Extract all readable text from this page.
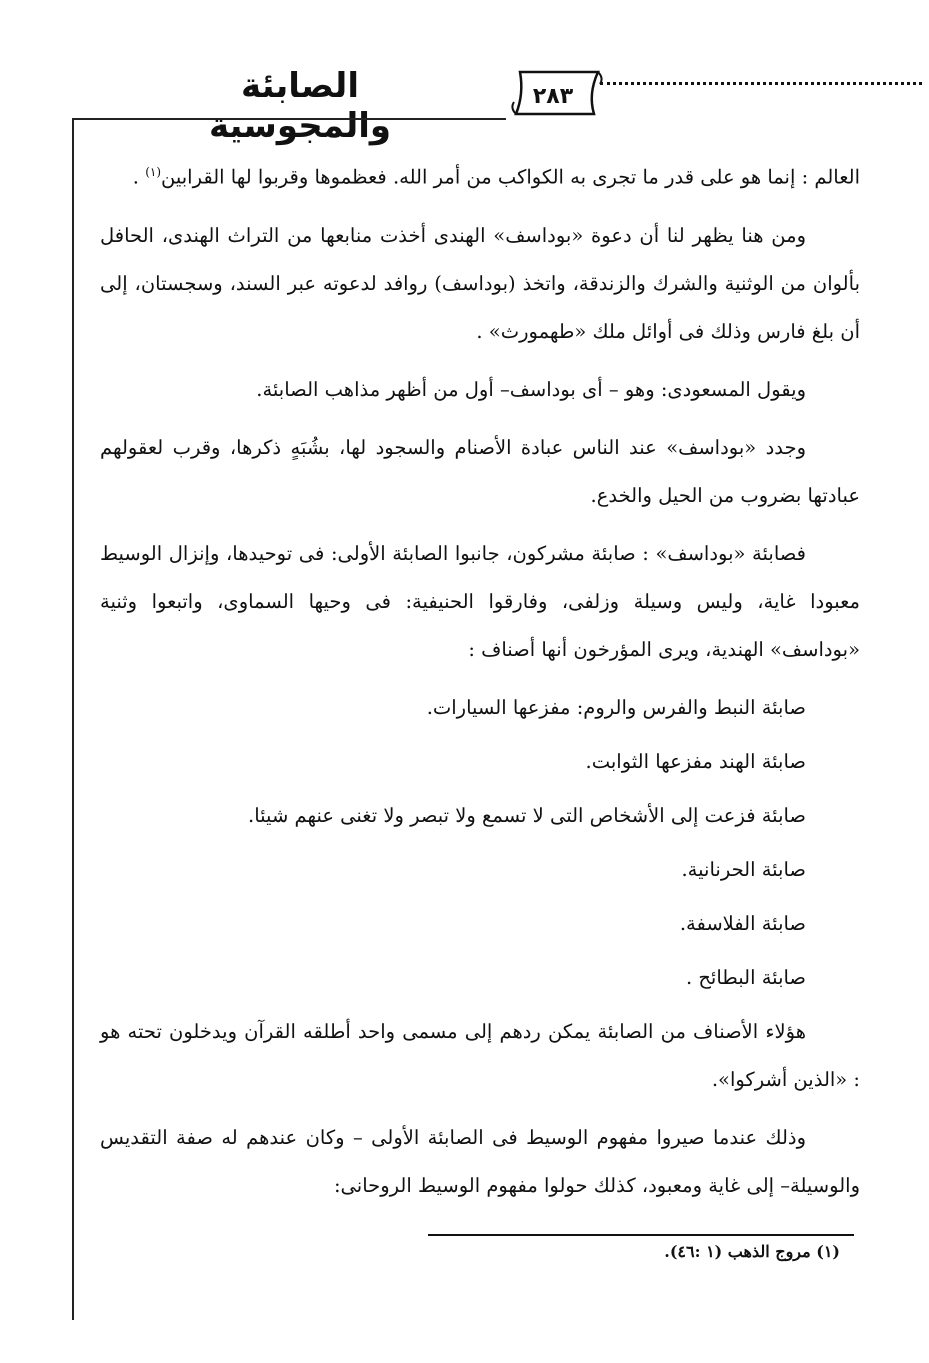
الصابئة والمجوسية
٢٨٣

العالم : إنما هو على قدر ما تجرى به الكواكب من أمر الله. فعظموها وقربوا لها القرابين$^{(١)}$ .

ومن هنا يظهر لنا أن دعوة «بوداسف» الهندى أخذت منابعها من التراث الهندى، الحافل بألوان من الوثنية والشرك والزندقة، واتخذ (بوداسف) روافد لدعوته عبر السند، وسجستان، إلى أن بلغ فارس وذلك فى أوائل ملك «طهمورث» .

ويقول المسعودى: وهو – أى بوداسف– أول من أظهر مذاهب الصابئة.

وجدد «بوداسف» عند الناس عبادة الأصنام والسجود لها، بشُبَهٍ ذكرها، وقرب لعقولهم عبادتها بضروب من الحيل والخدع.

فصابئة «بوداسف» : صابئة مشركون، جانبوا الصابئة الأولى: فى توحيدها، وإنزال الوسيط معبودا غاية، وليس وسيلة وزلفى، وفارقوا الحنيفية: فى وحيها السماوى، واتبعوا وثنية «بوداسف» الهندية، ويرى المؤرخون أنها أصناف :

صابئة النبط والفرس والروم: مفزعها السيارات.

صابئة الهند مفزعها الثوابت.

صابئة فزعت إلى الأشخاص التى لا تسمع ولا تبصر ولا تغنى عنهم شيئا.

صابئة الحرنانية.

صابئة الفلاسفة.

صابئة البطائح .

هؤلاء الأصناف من الصابئة يمكن ردهم إلى مسمى واحد أطلقه القرآن ويدخلون تحته هو : «الذين أشركوا».

وذلك عندما صيروا مفهوم الوسيط فى الصابئة الأولى – وكان عندهم له صفة التقديس والوسيلة– إلى غاية ومعبود، كذلك حولوا مفهوم الوسيط الروحانى:

(١) مروج الذهب (١ :٤٦).
